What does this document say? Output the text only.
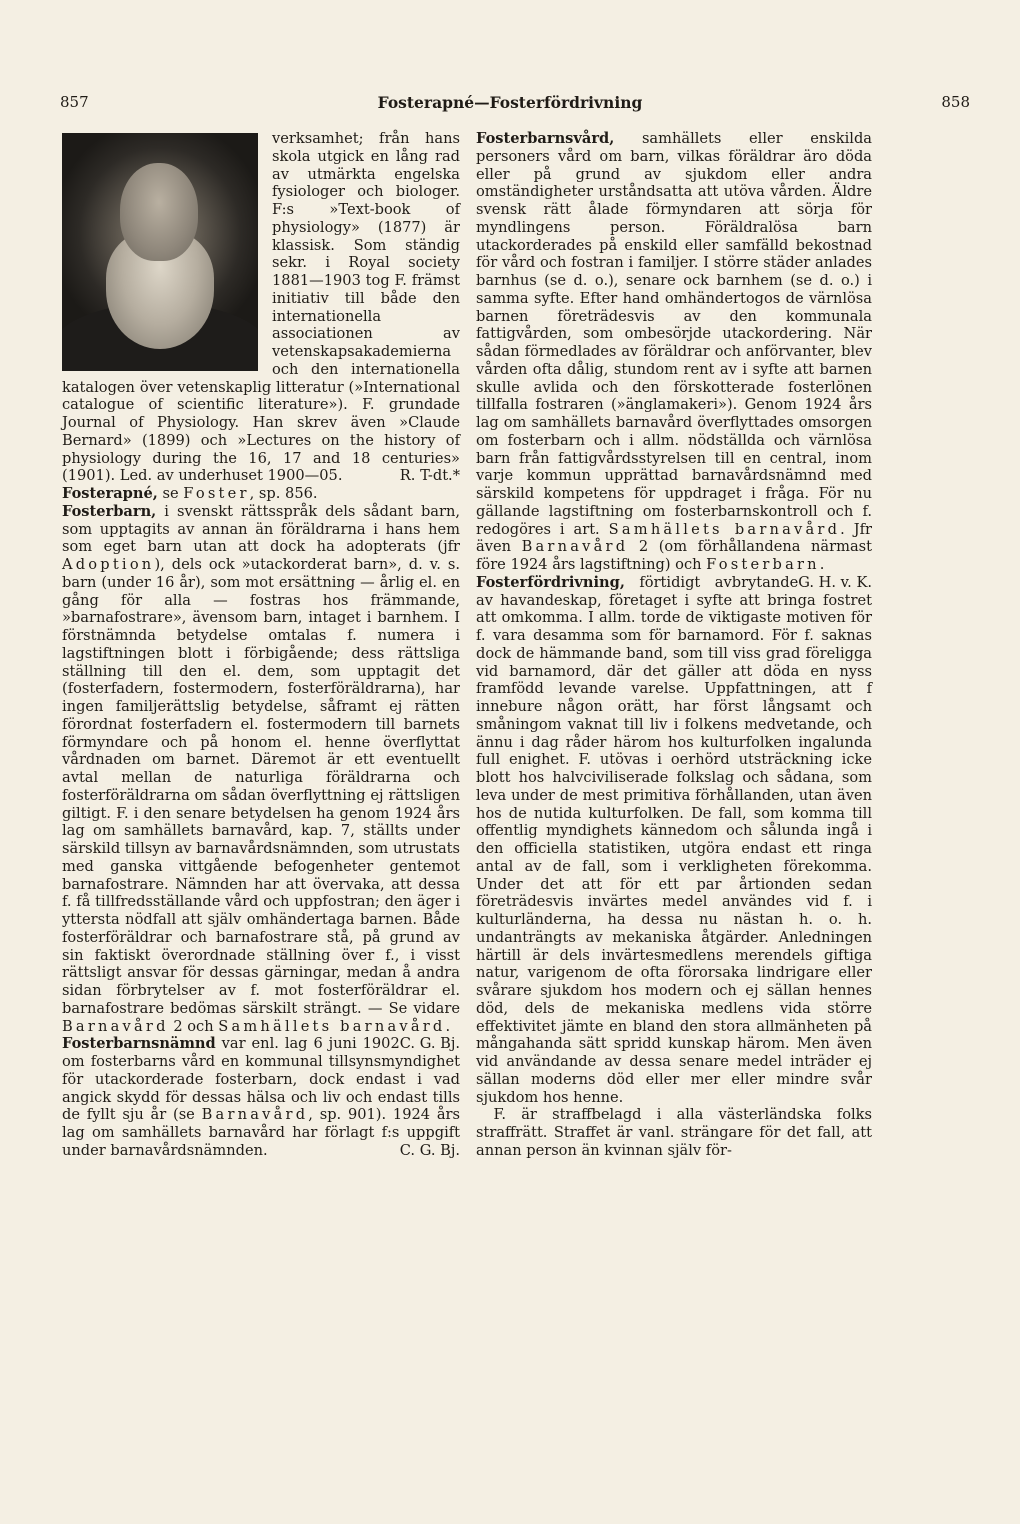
857	Fosterapné—Fosterfördrivning	858

verksamhet; från hans skola utgick en lång rad av utmärkta engelska fysiologer och biologer. F:s »Text-book of physiology» (1877) är klassisk. Som ständig sekr. i Royal society 1881—1903 tog F. främst initiativ till både den internationella associationen av vetenskapsakademierna och den internationella katalogen över vetenskaplig litteratur (»International catalogue of scientific literature»). F. grundade Journal of Physiology. Han skrev även »Claude Bernard» (1899) och »Lectures on the history of physiology during the 16, 17 and 18 centuries» (1901). Led. av underhuset 1900—05.	R. T-dt.*

Fosterapné, se Foster, sp. 856.

Fosterbarn, i svenskt rättsspråk dels sådant barn, som upptagits av annan än föräldrarna i hans hem som eget barn utan att dock ha adopterats (jfr Adoption), dels ock »utackorderat barn», d. v. s. barn (under 16 år), som mot ersättning — årlig el. en gång för alla — fostras hos främmande, »barnafostrare», ävensom barn, intaget i barnhem. I förstnämnda betydelse omtalas f. numera i lagstiftningen blott i förbigående; dess rättsliga ställning till den el. dem, som upptagit det (fosterfadern, fostermodern, fosterföräldrarna), har ingen familjerättslig betydelse, såframt ej rätten förordnat fosterfadern el. fostermodern till barnets förmyndare och på honom el. henne överflyttat vårdnaden om barnet. Däremot är ett eventuellt avtal mellan de naturliga föräldrarna och fosterföräldrarna om sådan överflyttning ej rättsligen giltigt. F. i den senare betydelsen ha genom 1924 års lag om samhällets barnavård, kap. 7, ställts under särskild tillsyn av barnavårdsnämnden, som utrustats med ganska vittgående befogenheter gentemot barnafostrare. Nämnden har att övervaka, att dessa f. få tillfredsställande vård och uppfostran; den äger i yttersta nödfall att själv omhändertaga barnen. Både fosterföräldrar och barnafostrare stå, på grund av sin faktiskt överordnade ställning över f., i visst rättsligt ansvar för dessas gärningar, medan å andra sidan förbrytelser av f. mot fosterföräldrar el. barnafostrare bedömas särskilt strängt. — Se vidare Barnavård 2 och Samhällets barnavård.
C. G. Bj.

Fosterbarnsnämnd var enl. lag 6 juni 1902 om fosterbarns vård en kommunal tillsynsmyndighet för utackorderade fosterbarn, dock endast i vad angick skydd för dessas hälsa och liv och endast tills de fyllt sju år (se Barnavård, sp. 901). 1924 års lag om samhällets barnavård har förlagt f:s uppgift under barnavårdsnämnden.	C. G. Bj.

Fosterbarnsvård, samhällets eller enskilda personers vård om barn, vilkas föräldrar äro döda eller på grund av sjukdom eller andra omständigheter urståndsatta att utöva vården. Äldre svensk rätt ålade förmyndaren att sörja för myndlingens person. Föräldralösa barn utackorderades på enskild eller samfälld bekostnad för vård och fostran i familjer. I större städer anlades barnhus (se d. o.), senare ock barnhem (se d. o.) i samma syfte. Efter hand omhändertogos de värnlösa barnen företrädesvis av den kommunala fattigvården, som ombesörjde utackordering. När sådan förmedlades av föräldrar och anförvanter, blev vården ofta dålig, stundom rent av i syfte att barnen skulle avlida och den förskotterade fosterlönen tillfalla fostraren (»änglamakeri»). Genom 1924 års lag om samhällets barnavård överflyttades omsorgen om fosterbarn och i allm. nödställda och värnlösa barn från fattigvårdsstyrelsen till en central, inom varje kommun upprättad barnavårdsnämnd med särskild kompetens för uppdraget i fråga. För nu gällande lagstiftning om fosterbarnskontroll och f. redogöres i art. Samhällets barnavård. Jfr även Barnavård 2 (om förhållandena närmast före 1924 års lagstiftning) och Fosterbarn.
G. H. v. K.

Fosterfördrivning, förtidigt avbrytande av havandeskap, företaget i syfte att bringa fostret att omkomma. I allm. torde de viktigaste motiven för f. vara desamma som för barnamord. För f. saknas dock de hämmande band, som till viss grad föreligga vid barnamord, där det gäller att döda en nyss framfödd levande varelse. Uppfattningen, att f innebure någon orätt, har först långsamt och småningom vaknat till liv i folkens medvetande, och ännu i dag råder härom hos kulturfolken ingalunda full enighet. F. utövas i oerhörd utsträckning icke blott hos halvciviliserade folkslag och sådana, som leva under de mest primitiva förhållanden, utan även hos de nutida kulturfolken. De fall, som komma till offentlig myndighets kännedom och sålunda ingå i den officiella statistiken, utgöra endast ett ringa antal av de fall, som i verkligheten förekomma. Under det att för ett par årtionden sedan företrädesvis invärtes medel användes vid f. i kulturländerna, ha dessa nu nästan h. o. h. undanträngts av mekaniska åtgärder. Anledningen härtill är dels invärtesmedlens merendels giftiga natur, varigenom de ofta förorsaka lindrigare eller svårare sjukdom hos modern och ej sällan hennes död, dels de mekaniska medlens vida större effektivitet jämte en bland den stora allmänheten på mångahanda sätt spridd kunskap härom. Men även vid användande av dessa senare medel inträder ej sällan moderns död eller mer eller mindre svår sjukdom hos henne.

F. är straffbelagd i alla västerländska folks straffrätt. Straffet är vanl. strängare för det fall, att annan person än kvinnan själv för-
